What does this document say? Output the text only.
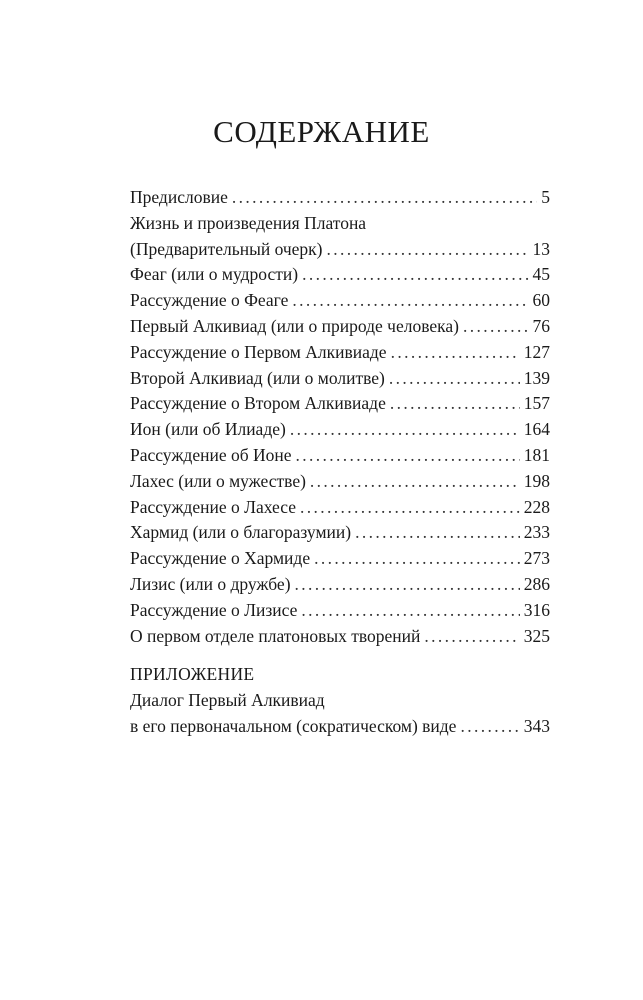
СОДЕРЖАНИЕ
Предисловие . . .	5
Жизнь и произведения Платона
(Предварительный очерк) . . .	13
Феаг (или о мудрости) . . .	45
Рассуждение о Феаге . . .	60
Первый Алкивиад (или о природе человека) . . .	76
Рассуждение о Первом Алкивиаде . . .	127
Второй Алкивиад (или о молитве) . . .	139
Рассуждение о Втором Алкивиаде . . .	157
Ион (или об Илиаде) . . .	164
Рассуждение об Ионе . . .	181
Лахес (или о мужестве) . . .	198
Рассуждение о Лахесе . . .	228
Хармид (или о благоразумии) . . .	233
Рассуждение о Хармиде . . .	273
Лизис (или о дружбе) . . .	286
Рассуждение о Лизисе . . .	316
О первом отделе платоновых творений . . .	325
ПРИЛОЖЕНИЕ
Диалог Первый Алкивиад
в его первоначальном (сократическом) виде . . .	343
